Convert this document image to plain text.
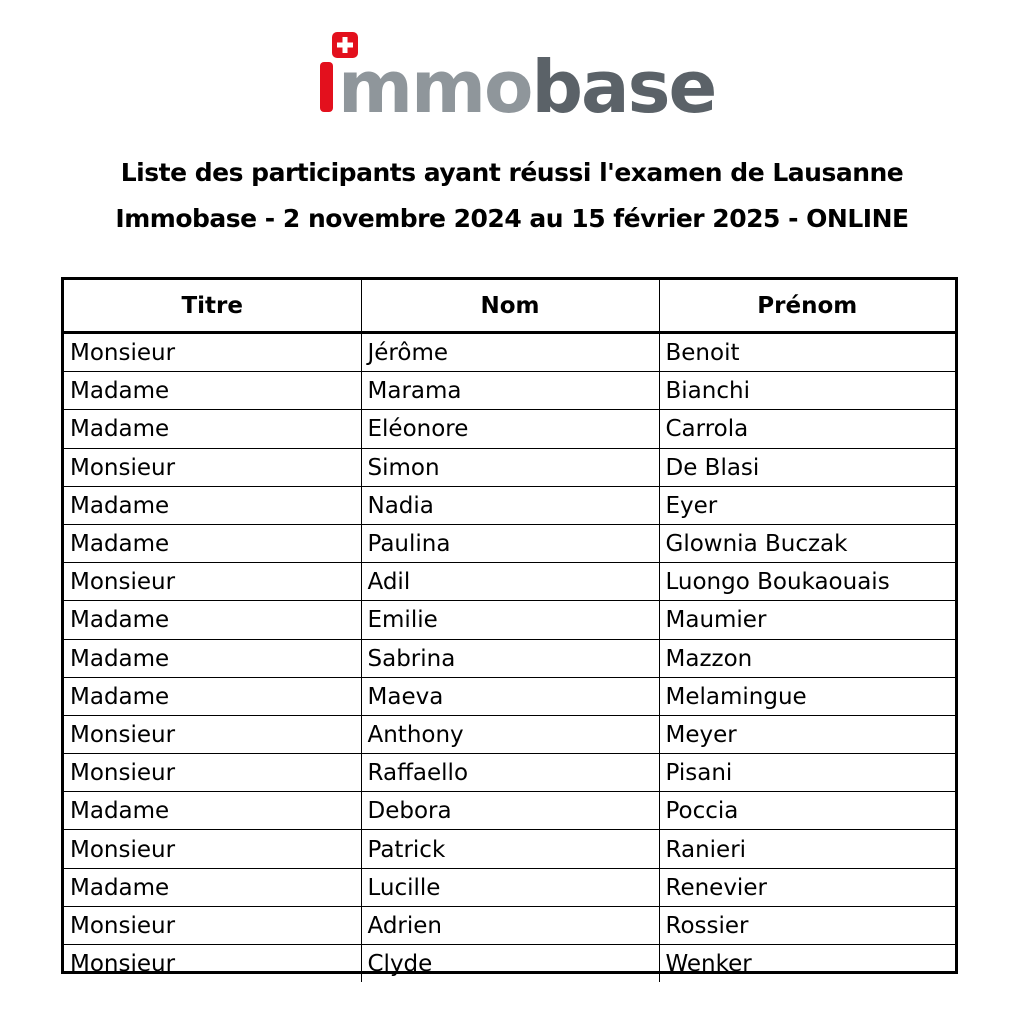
mmo base
Liste des participants ayant réussi l'examen de Lausanne
Immobase - 2 novembre 2024 au 15 février 2025 - ONLINE
Titre	Nom	Prénom
Monsieur	Jérôme	Benoit
Madame	Marama	Bianchi
Madame	Eléonore	Carrola
Monsieur	Simon	De Blasi
Madame	Nadia	Eyer
Madame	Paulina	Glownia Buczak
Monsieur	Adil	Luongo Boukaouais
Madame	Emilie	Maumier
Madame	Sabrina	Mazzon
Madame	Maeva	Melamingue
Monsieur	Anthony	Meyer
Monsieur	Raffaello	Pisani
Madame	Debora	Poccia
Monsieur	Patrick	Ranieri
Madame	Lucille	Renevier
Monsieur	Adrien	Rossier
Monsieur	Clyde	Wenker
